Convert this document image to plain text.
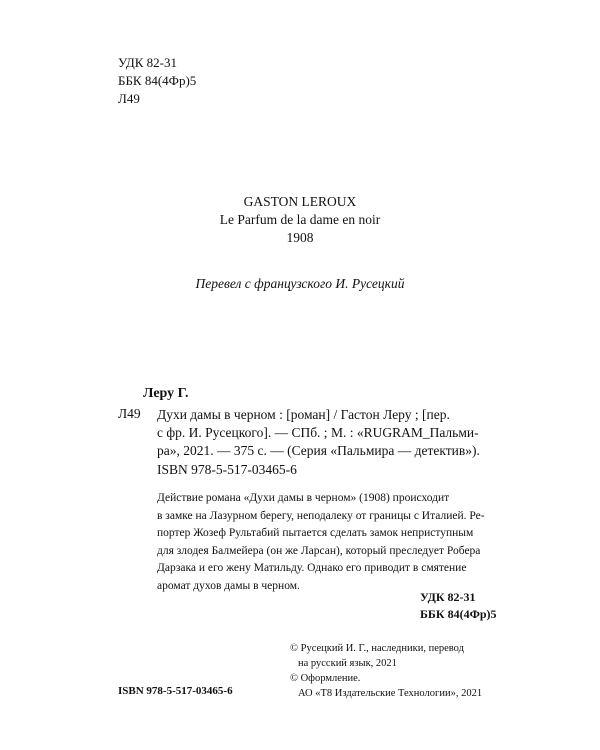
УДК 82-31
ББК 84(4Фр)5
Л49
GASTON LEROUX
Le Parfum de la dame en noir
1908
Перевел с французского И. Русецкий
Леру Г.
Л49 Духи дамы в черном : [роман] / Гастон Леру ; [пер.
с фр. И. Русецкого]. — СПб. ; М. : «RUGRAM_Пальми-
ра», 2021. — 375 с. — (Серия «Пальмира — детектив»).
ISBN 978-5-517-03465-6
Действие романа «Духи дамы в черном» (1908) происходит
в замке на Лазурном берегу, неподалеку от границы с Италией. Ре-
портер Жозеф Рультабий пытается сделать замок неприступным
для злодея Балмейера (он же Ларсан), который преследует Робера
Дарзака и его жену Матильду. Однако его приводит в смятение
аромат духов дамы в черном.
УДК 82-31
ББК 84(4Фр)5
© Русецкий И. Г., наследники, перевод
на русский язык, 2021
© Оформление.
АО «Т8 Издательские Технологии», 2021
ISBN 978-5-517-03465-6
